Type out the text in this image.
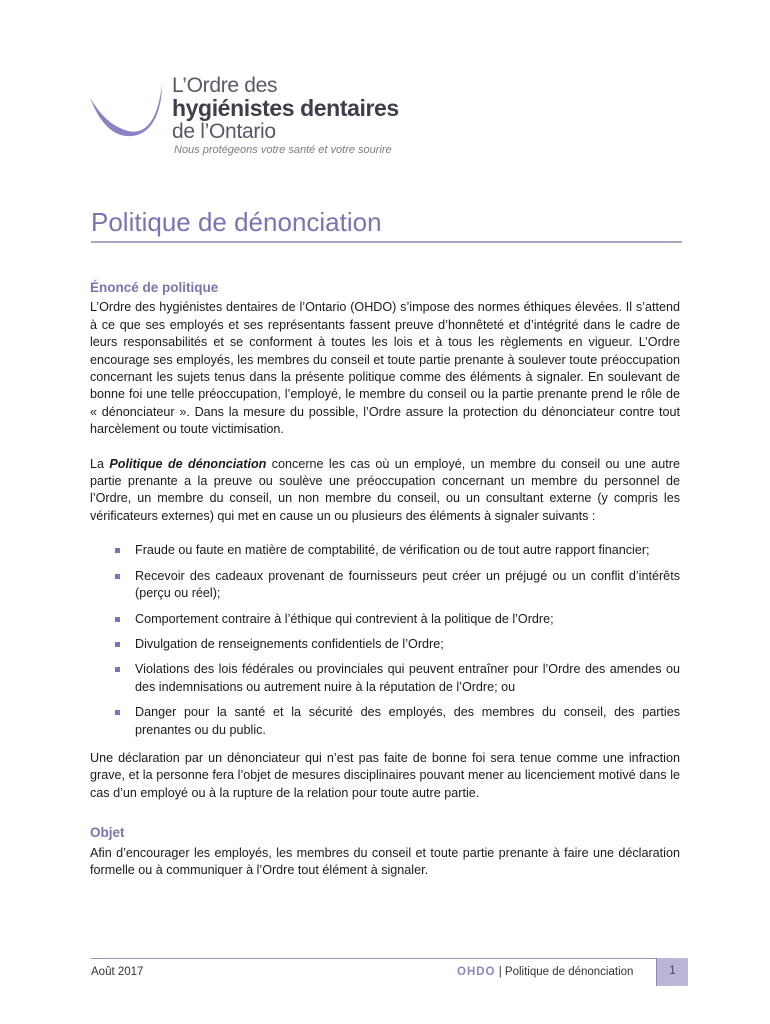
L’Ordre des
hygiénistes dentaires
de l’Ontario
Nous protégeons votre santé et votre sourire
Politique de dénonciation
Énoncé de politique

L’Ordre des hygiénistes dentaires de l’Ontario (OHDO) s’impose des normes éthiques élevées. Il s’attend à ce que ses employés et ses représentants fassent preuve d’honnêteté et d’intégrité dans le cadre de leurs responsabilités et se conforment à toutes les lois et à tous les règlements en vigueur. L’Ordre encourage ses employés, les membres du conseil et toute partie prenante à soulever toute préoccupation concernant les sujets tenus dans la présente politique comme des éléments à signaler. En soulevant de bonne foi une telle préoccupation, l’employé, le membre du conseil ou la partie prenante prend le rôle de « dénonciateur ». Dans la mesure du possible, l’Ordre assure la protection du dénonciateur contre tout harcèlement ou toute victimisation.

La Politique de dénonciation concerne les cas où un employé, un membre du conseil ou une autre partie prenante a la preuve ou soulève une préoccupation concernant un membre du personnel de l’Ordre, un membre du conseil, un non membre du conseil, ou un consultant externe (y compris les vérificateurs externes) qui met en cause un ou plusieurs des éléments à signaler suivants :

Fraude ou faute en matière de comptabilité, de vérification ou de tout autre rapport financier;
Recevoir des cadeaux provenant de fournisseurs peut créer un préjugé ou un conflit d’intérêts (perçu ou réel);
Comportement contraire à l’éthique qui contrevient à la politique de l’Ordre;
Divulgation de renseignements confidentiels de l’Ordre;
Violations des lois fédérales ou provinciales qui peuvent entraîner pour l’Ordre des amendes ou des indemnisations ou autrement nuire à la réputation de l’Ordre; ou
Danger pour la santé et la sécurité des employés, des membres du conseil, des parties prenantes ou du public.

Une déclaration par un dénonciateur qui n’est pas faite de bonne foi sera tenue comme une infraction grave, et la personne fera l’objet de mesures disciplinaires pouvant mener au licenciement motivé dans le cas d’un employé ou à la rupture de la relation pour toute autre partie.

Objet

Afin d’encourager les employés, les membres du conseil et toute partie prenante à faire une déclaration formelle ou à communiquer à l’Ordre tout élément à signaler.

Août 2017	OHDO | Politique de dénonciation	1
